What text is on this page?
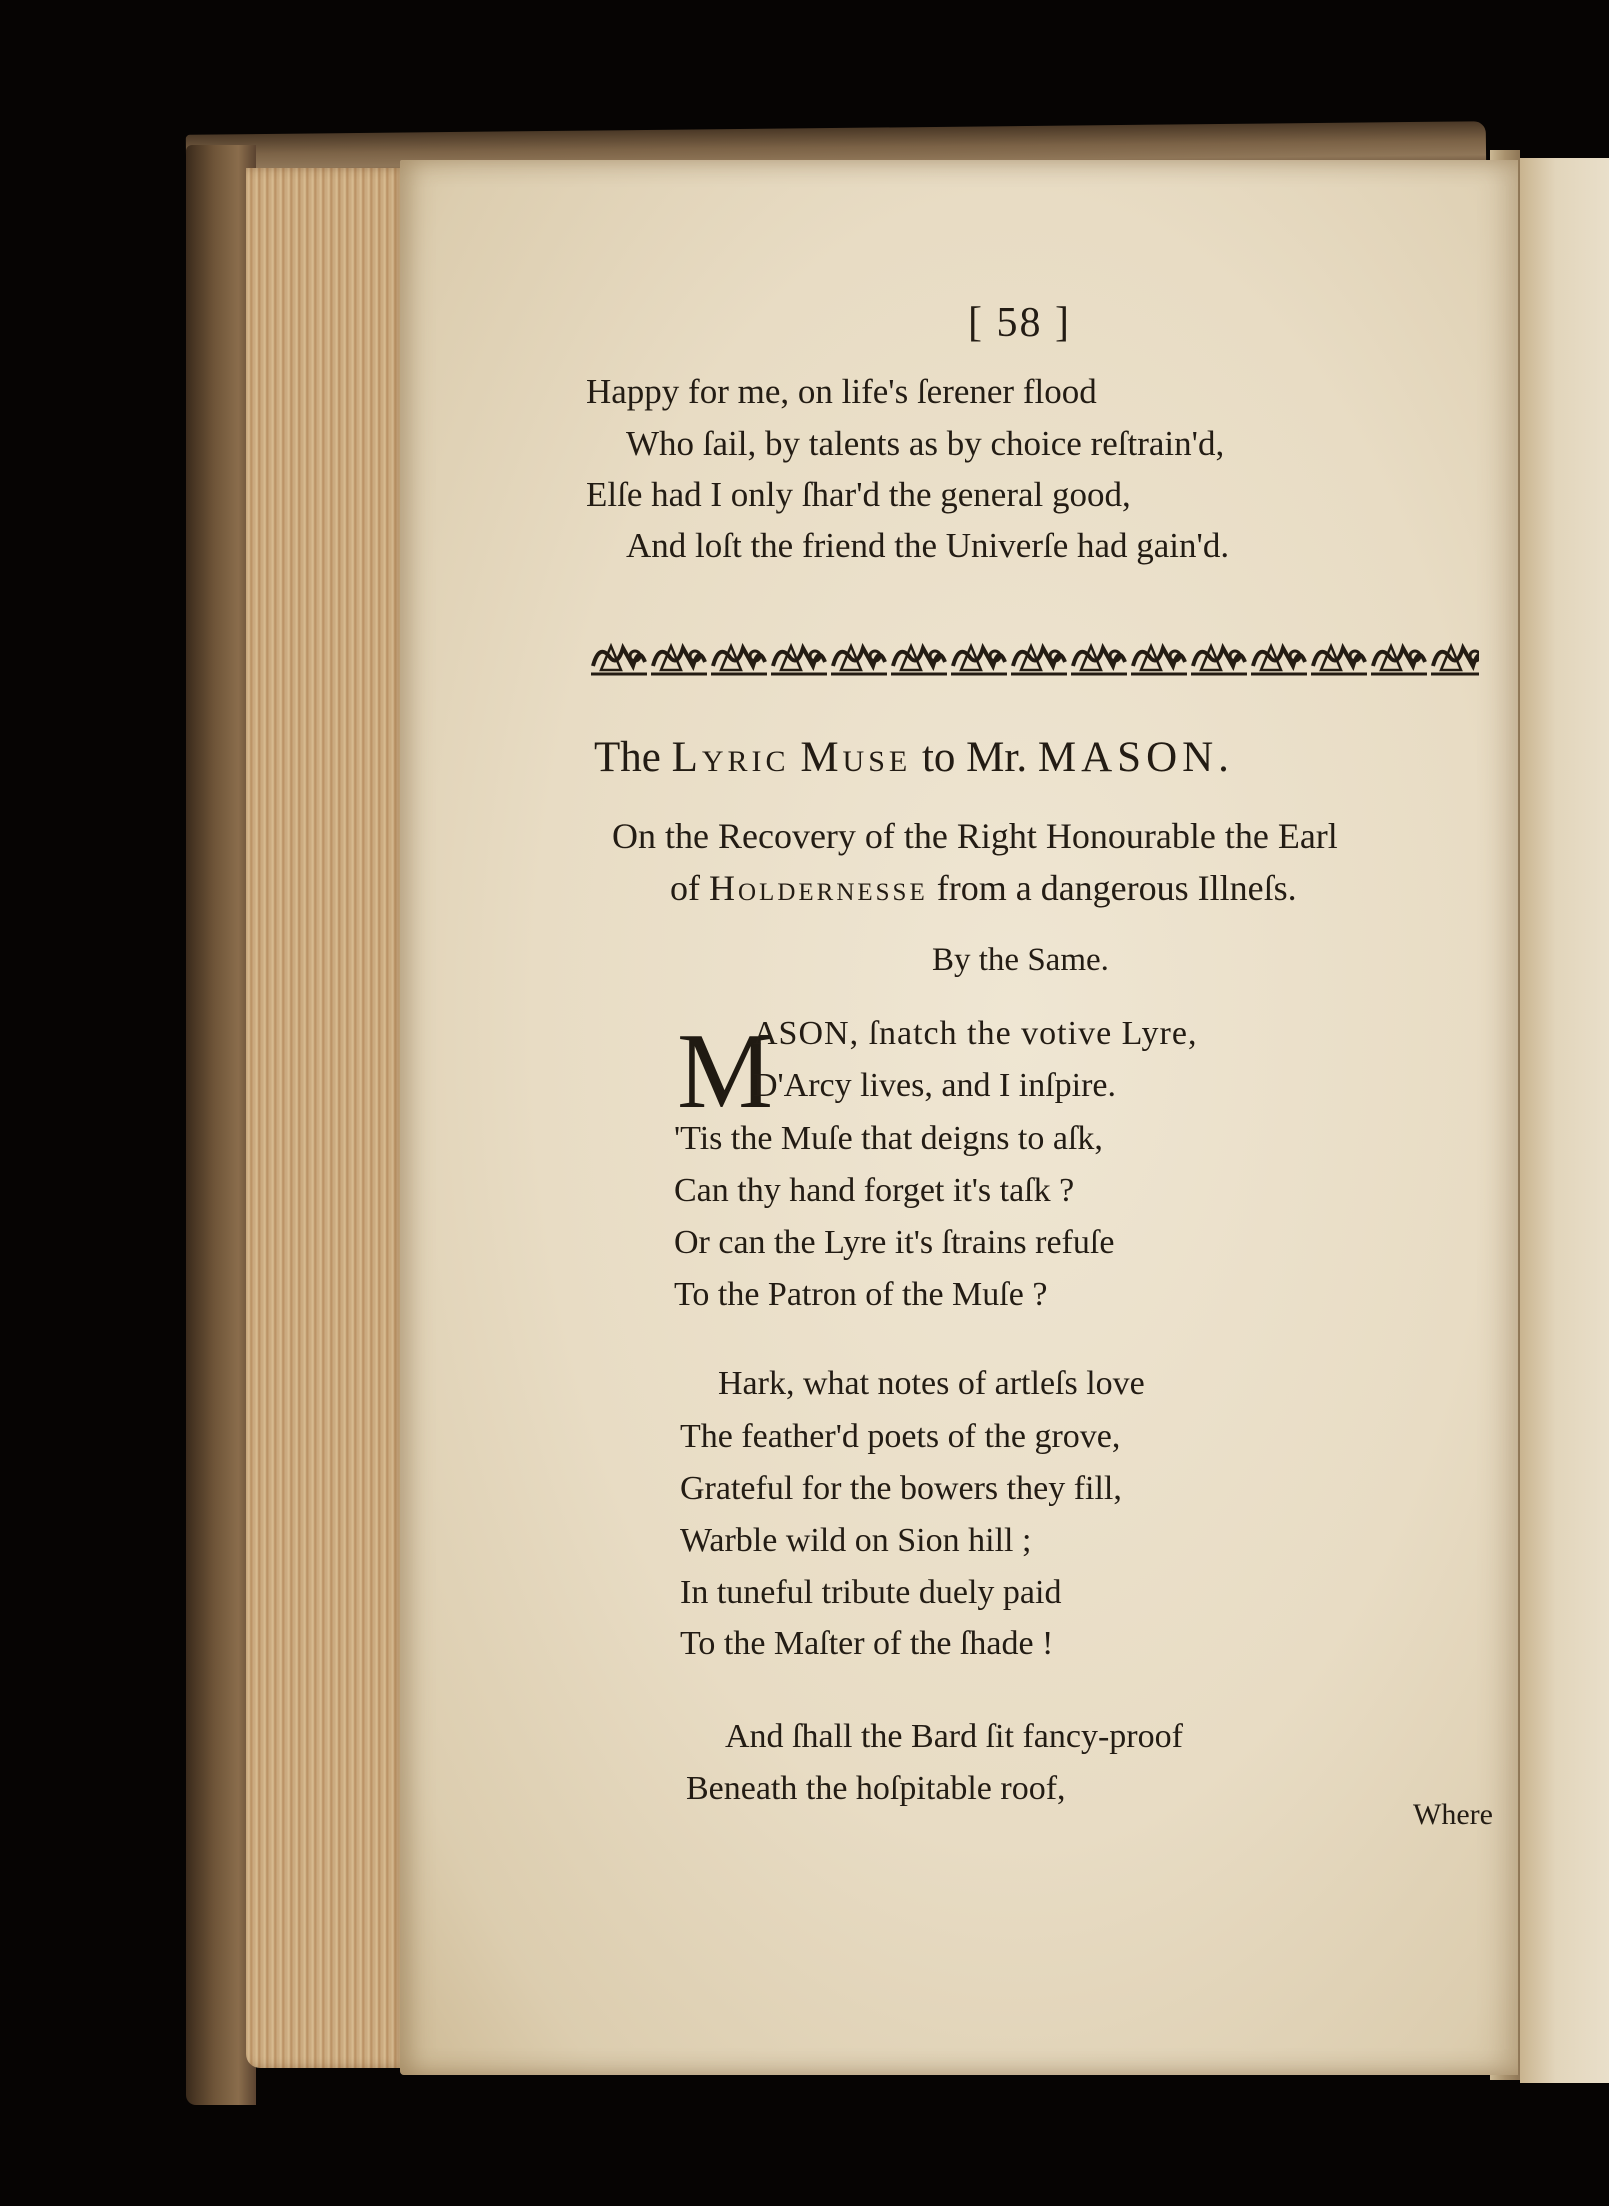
[ 58 ]
Happy for me, on life's ſerener flood
Who ſail, by talents as by choice reſtrain'd,
Elſe had I only ſhar'd the general good,
And loſt the friend the Univerſe had gain'd.
The Lyric Muse to Mr. MASON.
On the Recovery of the Right Honourable the Earl
of Holdernesse from a dangerous Illneſs.
By the Same.
M
ASON, ſnatch the votive Lyre,
D'Arcy lives, and I inſpire.
'Tis the Muſe that deigns to aſk,
Can thy hand forget it's taſk ?
Or can the Lyre it's ſtrains refuſe
To the Patron of the Muſe ?
Hark, what notes of artleſs love
The feather'd poets of the grove,
Grateful for the bowers they fill,
Warble wild on Sion hill ;
In tuneful tribute duely paid
To the Maſter of the ſhade !
And ſhall the Bard ſit fancy-proof
Beneath the hoſpitable roof,
Where
